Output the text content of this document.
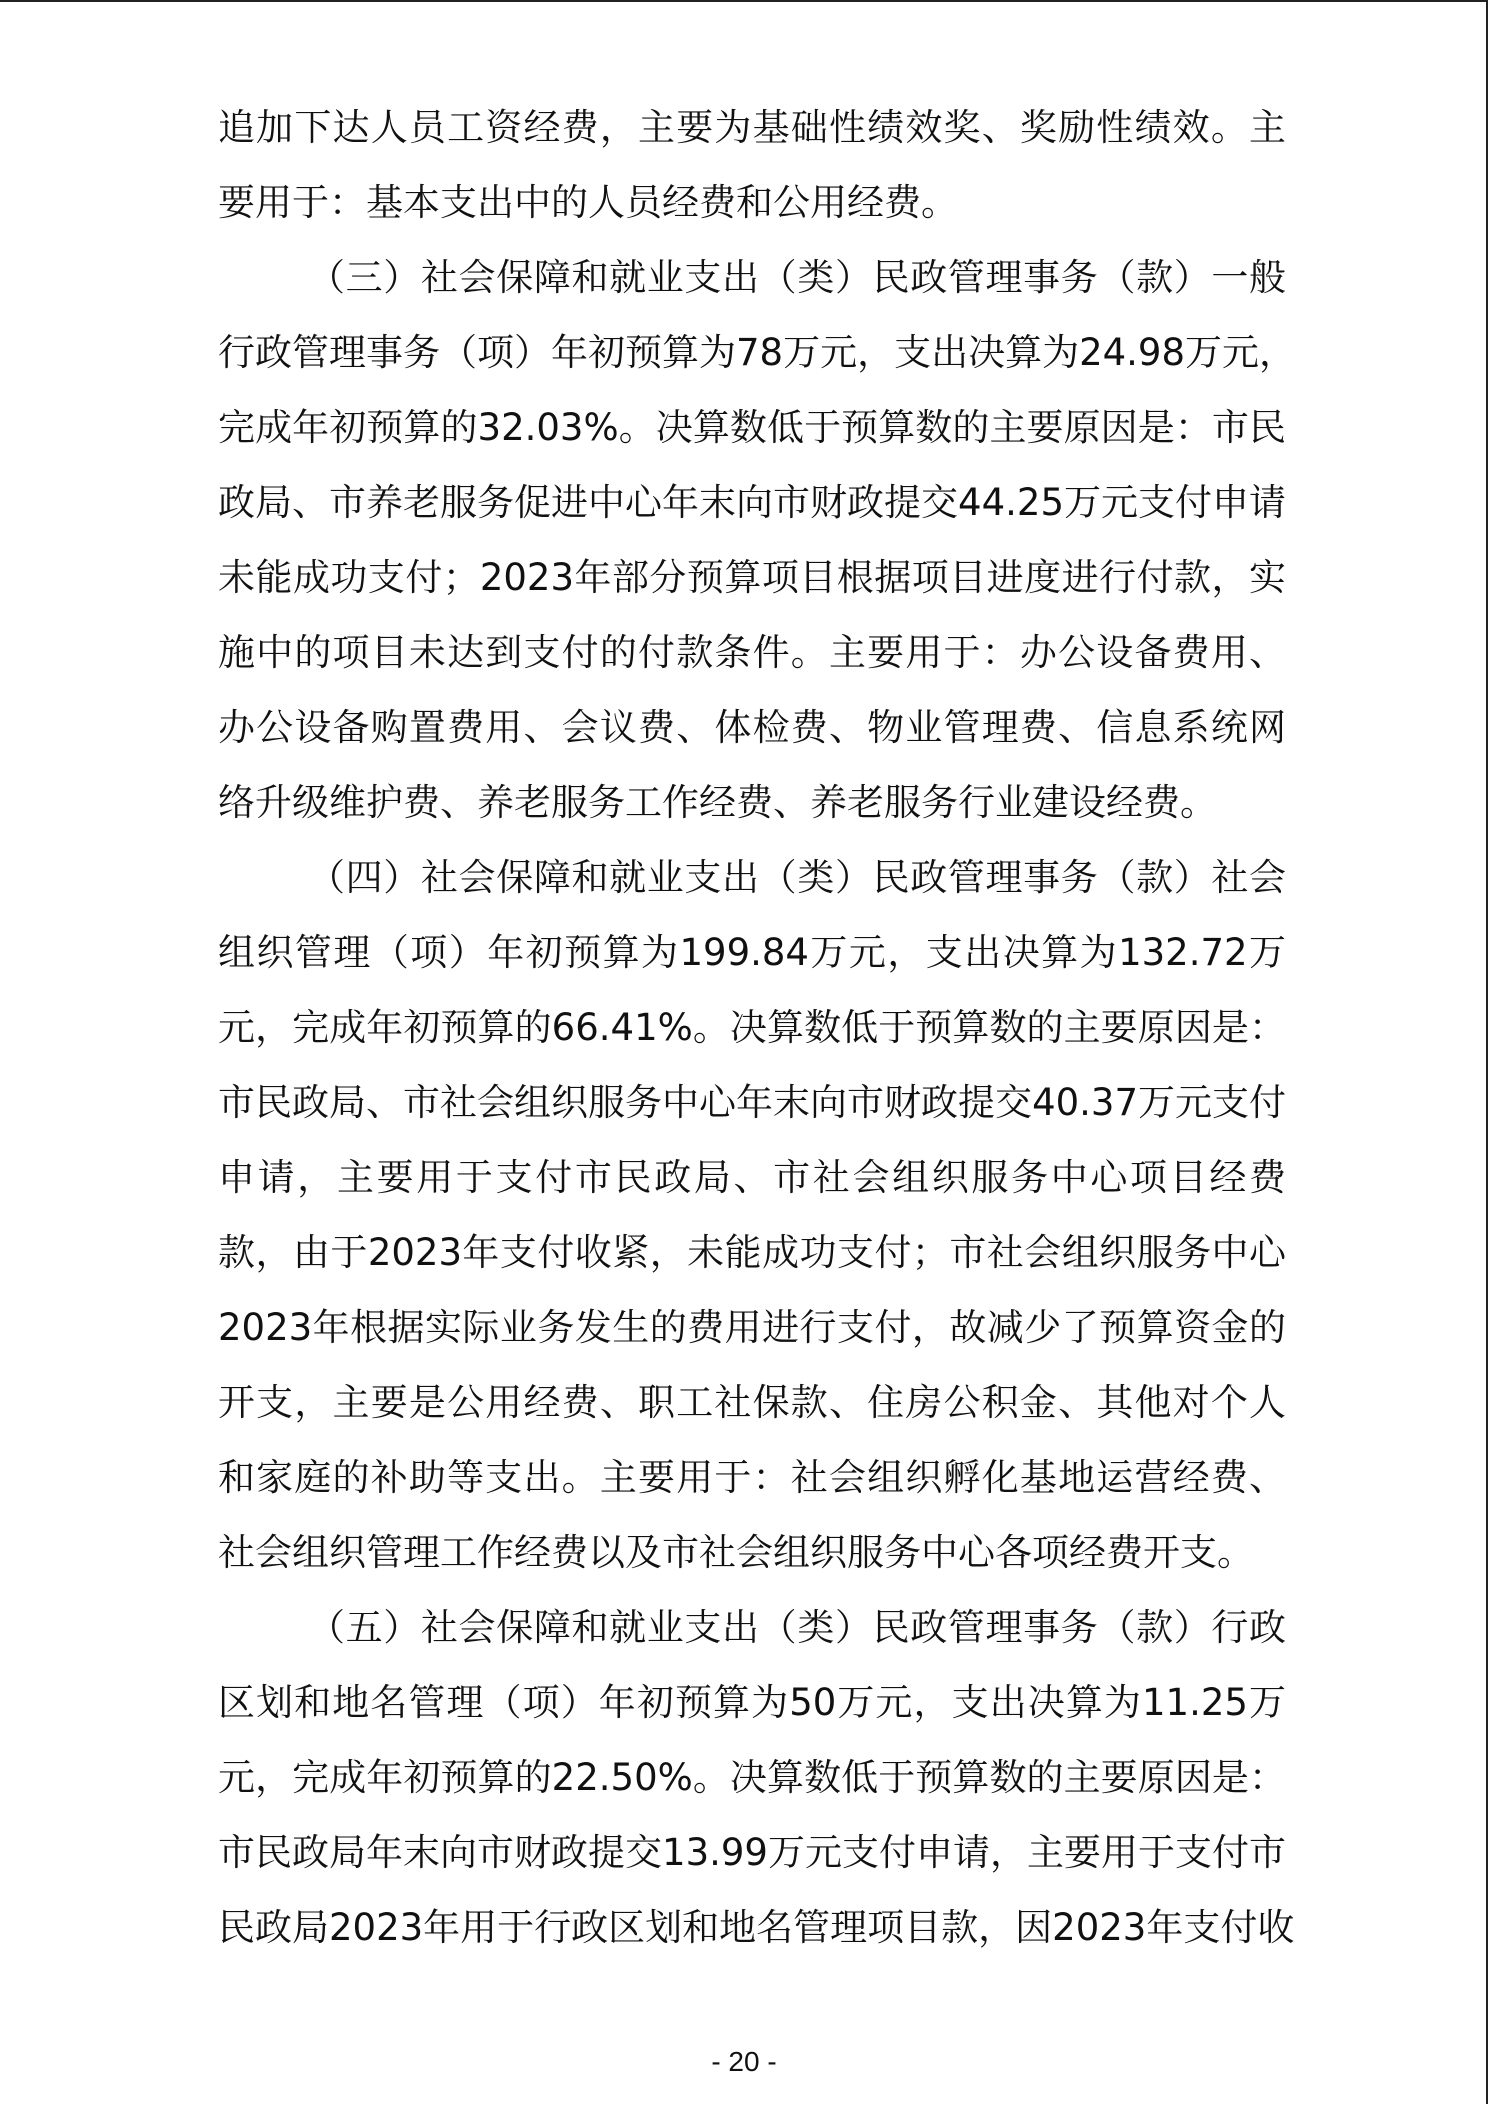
追加下达人员工资经费，主要为基础性绩效奖、奖励性绩效。主
要用于：基本支出中的人员经费和公用经费。
（三）社会保障和就业支出（类）民政管理事务（款）一般
行政管理事务（项）年初预算为78万元，支出决算为24.98万元，
完成年初预算的32.03%。决算数低于预算数的主要原因是：市民
政局、市养老服务促进中心年末向市财政提交44.25万元支付申请
未能成功支付；2023年部分预算项目根据项目进度进行付款，实
施中的项目未达到支付的付款条件。主要用于：办公设备费用、
办公设备购置费用、会议费、体检费、物业管理费、信息系统网
络升级维护费、养老服务工作经费、养老服务行业建设经费。
（四）社会保障和就业支出（类）民政管理事务（款）社会
组织管理（项）年初预算为199.84万元，支出决算为132.72万
元，完成年初预算的66.41%。决算数低于预算数的主要原因是：
市民政局、市社会组织服务中心年末向市财政提交40.37万元支付
申请，主要用于支付市民政局、市社会组织服务中心项目经费
款，由于2023年支付收紧，未能成功支付；市社会组织服务中心
2023年根据实际业务发生的费用进行支付，故减少了预算资金的
开支，主要是公用经费、职工社保款、住房公积金、其他对个人
和家庭的补助等支出。主要用于：社会组织孵化基地运营经费、
社会组织管理工作经费以及市社会组织服务中心各项经费开支。
（五）社会保障和就业支出（类）民政管理事务（款）行政
区划和地名管理（项）年初预算为50万元，支出决算为11.25万
元，完成年初预算的22.50%。决算数低于预算数的主要原因是：
市民政局年末向市财政提交13.99万元支付申请，主要用于支付市
民政局2023年用于行政区划和地名管理项目款，因2023年支付收
- 20 -
